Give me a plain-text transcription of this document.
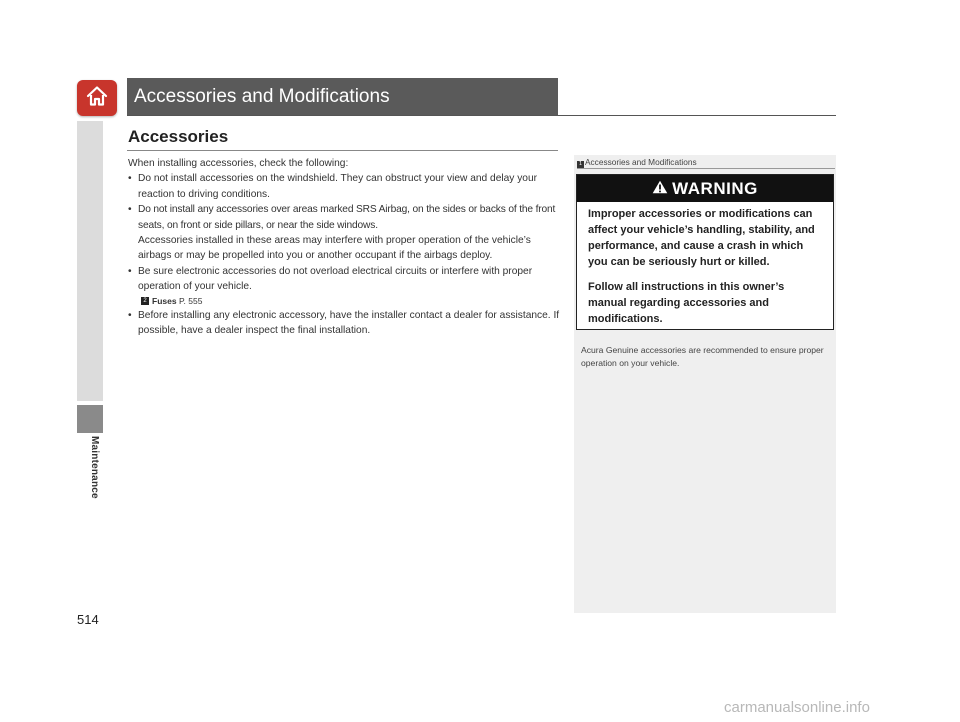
Maintenance
514
Accessories and Modifications
Accessories

When installing accessories, check the following:

• Do not install accessories on the windshield. They can obstruct your view and delay your reaction to driving conditions.

• Do not install any accessories over areas marked SRS Airbag, on the sides or backs of the front seats, on front or side pillars, or near the side windows.

Accessories installed in these areas may interfere with proper operation of the vehicle’s airbags or may be propelled into you or another occupant if the airbags deploy.

• Be sure electronic accessories do not overload electrical circuits or interfere with proper operation of your vehicle.

2 Fuses P. 555

• Before installing any electronic accessory, have the installer contact a dealer for assistance. If possible, have a dealer inspect the final installation.

1 Accessories and Modifications
WARNING

Improper accessories or modifications can affect your vehicle’s handling, stability, and performance, and cause a crash in which you can be seriously hurt or killed.

Follow all instructions in this owner’s manual regarding accessories and modifications.

Acura Genuine accessories are recommended to ensure proper operation on your vehicle.
carmanualsonline.info
